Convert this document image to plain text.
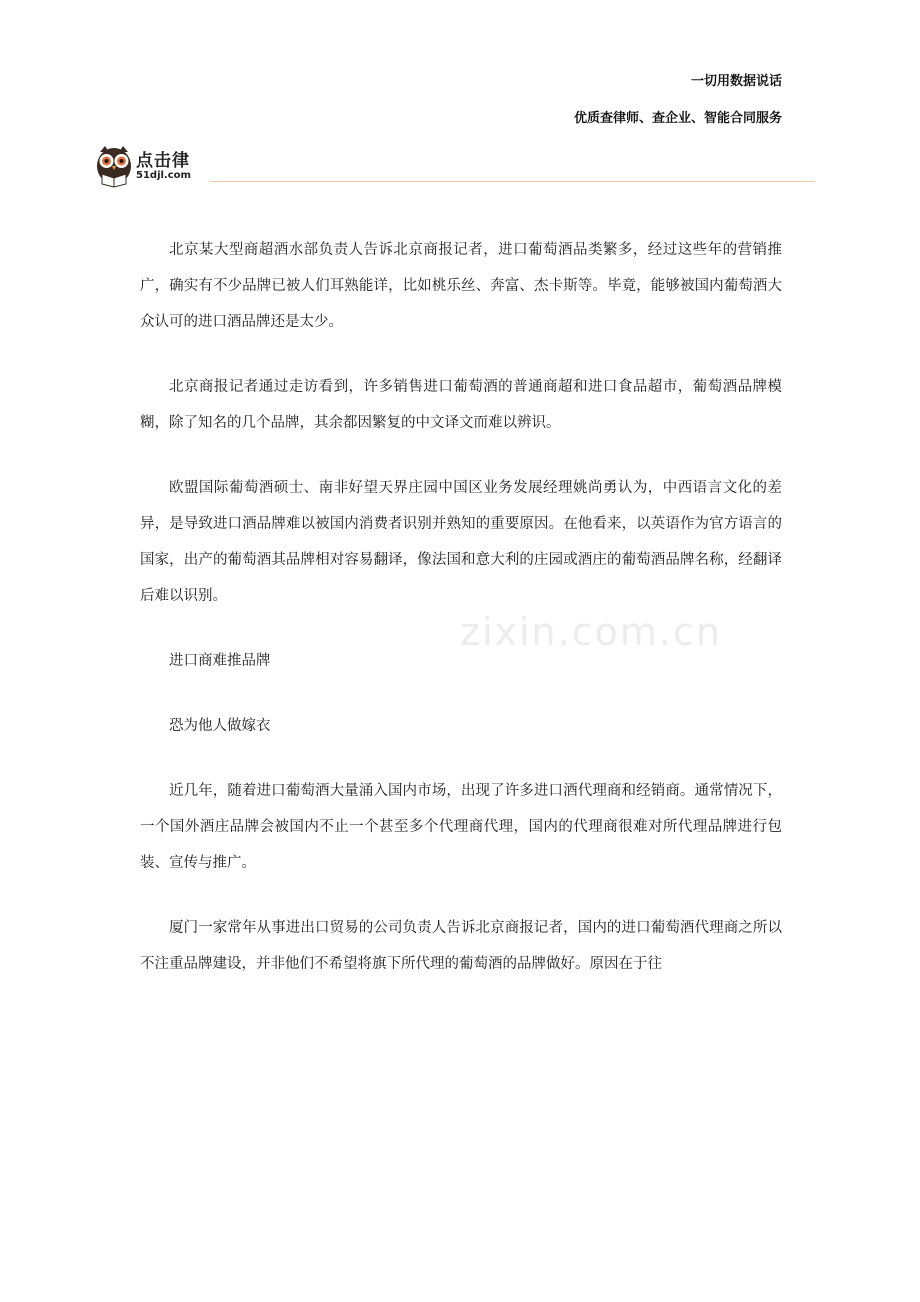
一切用数据说话
优质查律师、查企业、智能合同服务
点击律
51djl.com

北京某大型商超酒水部负责人告诉北京商报记者，进口葡萄酒品类繁多，经过这些年的营销推广，确实有不少品牌已被人们耳熟能详，比如桃乐丝、奔富、杰卡斯等。毕竟，能够被国内葡萄酒大众认可的进口酒品牌还是太少。

北京商报记者通过走访看到，许多销售进口葡萄酒的普通商超和进口食品超市，葡萄酒品牌模糊，除了知名的几个品牌，其余都因繁复的中文译文而难以辨识。

欧盟国际葡萄酒硕士、南非好望天界庄园中国区业务发展经理姚尚勇认为，中西语言文化的差异，是导致进口酒品牌难以被国内消费者识别并熟知的重要原因。在他看来，以英语作为官方语言的国家，出产的葡萄酒其品牌相对容易翻译，像法国和意大利的庄园或酒庄的葡萄酒品牌名称，经翻译后难以识别。

进口商难推品牌

恐为他人做嫁衣

近几年，随着进口葡萄酒大量涌入国内市场，出现了许多进口酒代理商和经销商。通常情况下，一个国外酒庄品牌会被国内不止一个甚至多个代理商代理，国内的代理商很难对所代理品牌进行包装、宣传与推广。

厦门一家常年从事进出口贸易的公司负责人告诉北京商报记者，国内的进口葡萄酒代理商之所以不注重品牌建设，并非他们不希望将旗下所代理的葡萄酒的品牌做好。原因在于往

zixin.com.cn
